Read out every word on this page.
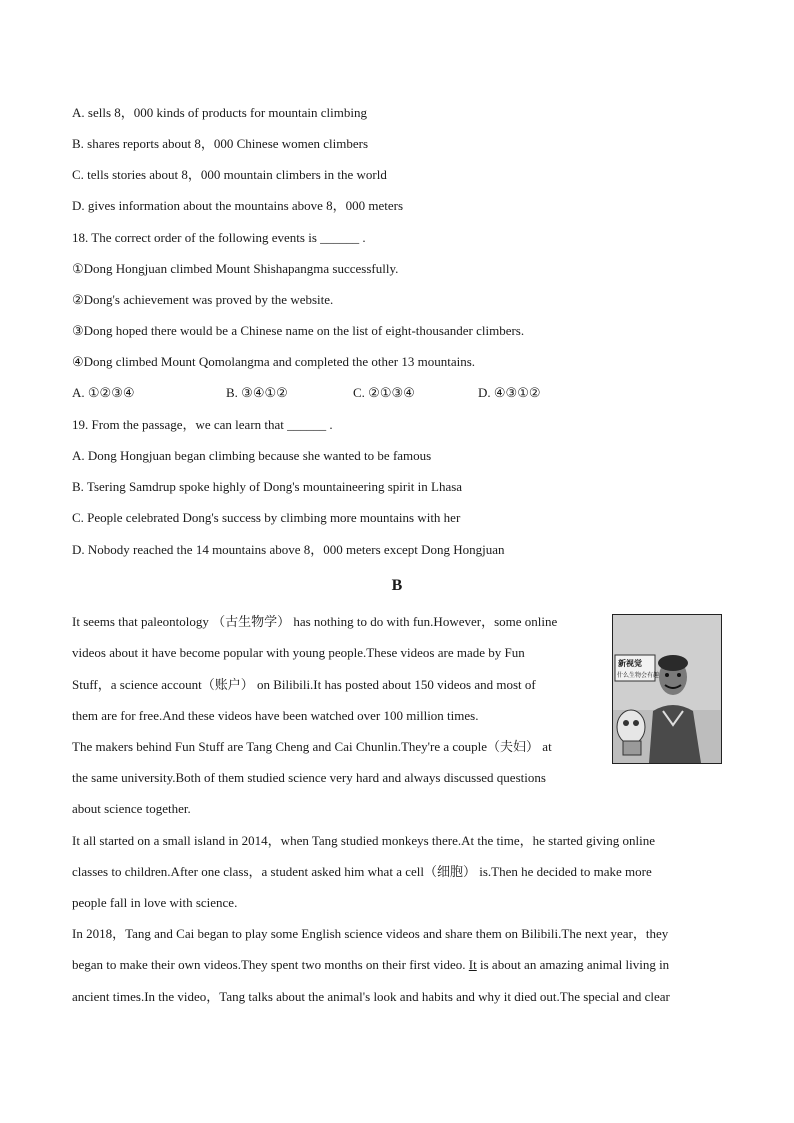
A. sells 8，000 kinds of products for mountain climbing
B. shares reports about 8，000 Chinese women climbers
C. tells stories about 8，000 mountain climbers in the world
D. gives information about the mountains above 8，000 meters
18. The correct order of the following events is ______ .
①Dong Hongjuan climbed Mount Shishapangma successfully.
②Dong's achievement was proved by the website.
③Dong hoped there would be a Chinese name on the list of eight-thousander climbers.
④Dong climbed Mount Qomolangma and completed the other 13 mountains.
A. ①②③④	B. ③④①②	C. ②①③④	D. ④③①②
19. From the passage，we can learn that ______ .
A. Dong Hongjuan began climbing because she wanted to be famous
B. Tsering Samdrup spoke highly of Dong's mountaineering spirit in Lhasa
C. People celebrated Dong's success by climbing more mountains with her
D. Nobody reached the 14 mountains above 8，000 meters except Dong Hongjuan
B
新视觉
什么生物会有趣
It seems that paleontology （古生物学） has nothing to do with fun.However，some online
videos about it have become popular with young people.These videos are made by Fun
Stuff，a science account（账户） on Bilibili.It has posted about 150 videos and most of
them are for free.And these videos have been watched over 100 million times.
The makers behind Fun Stuff are Tang Cheng and Cai Chunlin.They're a couple（夫妇） at
the same university.Both of them studied science very hard and always discussed questions
about science together.
It all started on a small island in 2014，when Tang studied monkeys there.At the time，he started giving online
classes to children.After one class，a student asked him what a cell（细胞） is.Then he decided to make more
people fall in love with science.
In 2018，Tang and Cai began to play some English science videos and share them on Bilibili.The next year，they
began to make their own videos.They spent two months on their first video. It is about an amazing animal living in
ancient times.In the video，Tang talks about the animal's look and habits and why it died out.The special and clear
